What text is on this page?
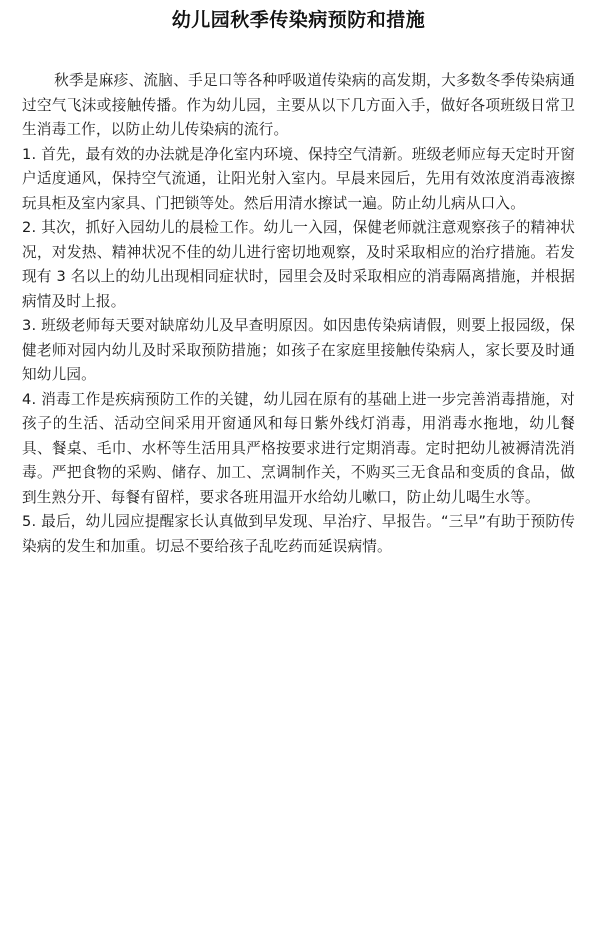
幼儿园秋季传染病预防和措施

秋季是麻疹、流脑、手足口等各种呼吸道传染病的高发期，大多数冬季传染病通过空气飞沫或接触传播。作为幼儿园，主要从以下几方面入手，做好各项班级日常卫生消毒工作，以防止幼儿传染病的流行。

1. 首先，最有效的办法就是净化室内环境、保持空气清新。班级老师应每天定时开窗户适度通风，保持空气流通，让阳光射入室内。早晨来园后，先用有效浓度消毒液擦玩具柜及室内家具、门把锁等处。然后用清水擦试一遍。防止幼儿病从口入。

2. 其次，抓好入园幼儿的晨检工作。幼儿一入园，保健老师就注意观察孩子的精神状况，对发热、精神状况不佳的幼儿进行密切地观察，及时采取相应的治疗措施。若发现有 3 名以上的幼儿出现相同症状时，园里会及时采取相应的消毒隔离措施，并根据病情及时上报。

3. 班级老师每天要对缺席幼儿及早查明原因。如因患传染病请假，则要上报园级，保健老师对园内幼儿及时采取预防措施；如孩子在家庭里接触传染病人，家长要及时通知幼儿园。

4. 消毒工作是疾病预防工作的关键，幼儿园在原有的基础上进一步完善消毒措施，对孩子的生活、活动空间采用开窗通风和每日紫外线灯消毒，用消毒水拖地，幼儿餐具、餐桌、毛巾、水杯等生活用具严格按要求进行定期消毒。定时把幼儿被褥清洗消毒。严把食物的采购、储存、加工、烹调制作关，不购买三无食品和变质的食品，做到生熟分开、每餐有留样，要求各班用温开水给幼儿嗽口，防止幼儿喝生水等。

5. 最后，幼儿园应提醒家长认真做到早发现、早治疗、早报告。“三早”有助于预防传染病的发生和加重。切忌不要给孩子乱吃药而延误病情。
